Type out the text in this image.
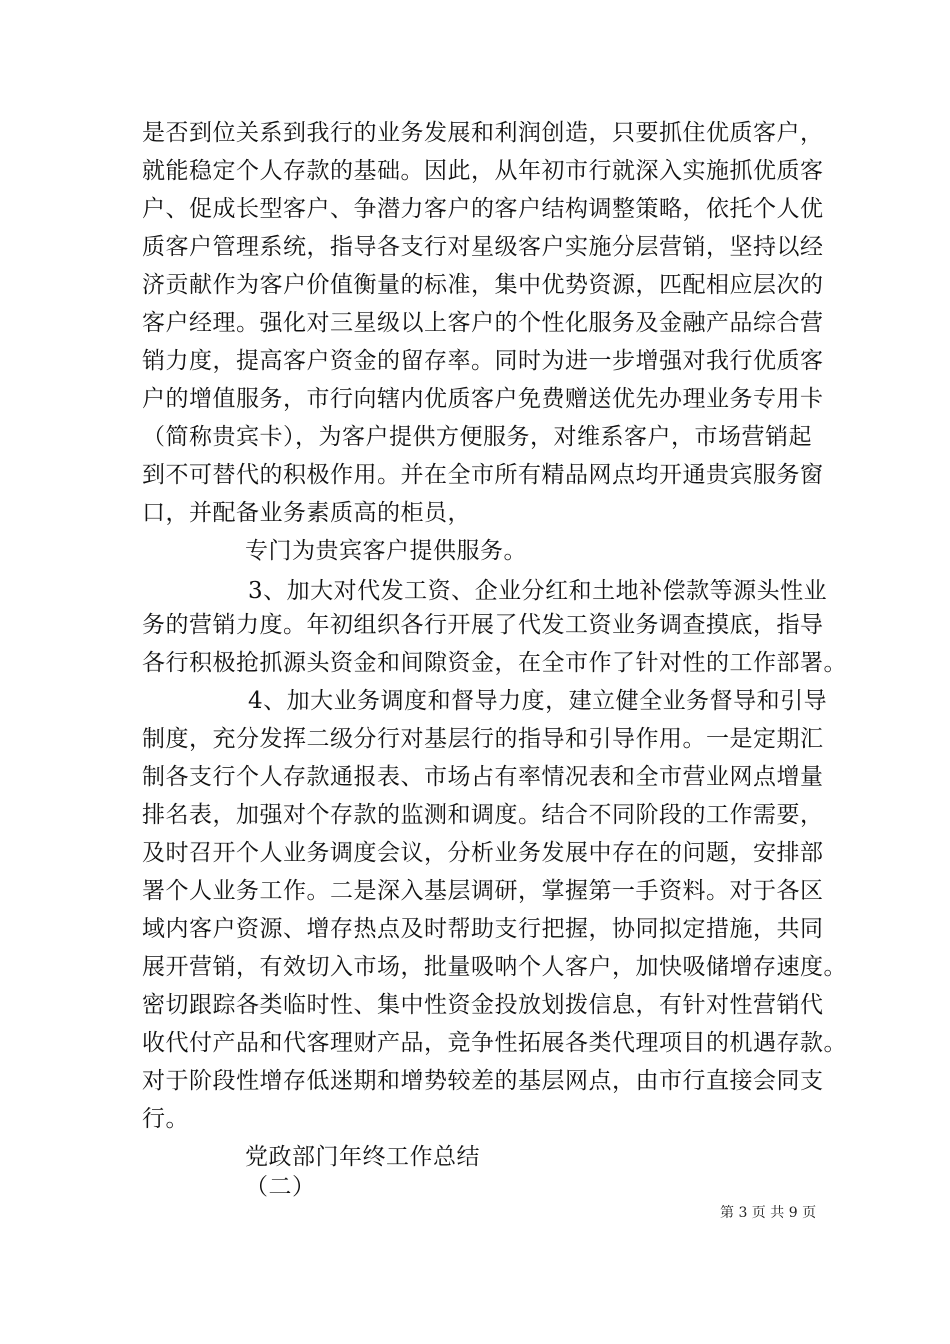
是否到位关系到我行的业务发展和利润创造，只要抓住优质客户，
就能稳定个人存款的基础。因此，从年初市行就深入实施抓优质客
户、促成长型客户、争潜力客户的客户结构调整策略，依托个人优
质客户管理系统，指导各支行对星级客户实施分层营销，坚持以经
济贡献作为客户价值衡量的标准，集中优势资源，匹配相应层次的
客户经理。强化对三星级以上客户的个性化服务及金融产品综合营
销力度，提高客户资金的留存率。同时为进一步增强对我行优质客
户的增值服务，市行向辖内优质客户免费赠送优先办理业务专用卡
（简称贵宾卡），为客户提供方便服务，对维系客户，市场营销起
到不可替代的积极作用。并在全市所有精品网点均开通贵宾服务窗
口，并配备业务素质高的柜员，
专门为贵宾客户提供服务。
3、加大对代发工资、企业分红和土地补偿款等源头性业
务的营销力度。年初组织各行开展了代发工资业务调查摸底，指导
各行积极抢抓源头资金和间隙资金，在全市作了针对性的工作部署。
4、加大业务调度和督导力度，建立健全业务督导和引导
制度，充分发挥二级分行对基层行的指导和引导作用。一是定期汇
制各支行个人存款通报表、市场占有率情况表和全市营业网点增量
排名表，加强对个存款的监测和调度。结合不同阶段的工作需要，
及时召开个人业务调度会议，分析业务发展中存在的问题，安排部
署个人业务工作。二是深入基层调研，掌握第一手资料。对于各区
域内客户资源、增存热点及时帮助支行把握，协同拟定措施，共同
展开营销，有效切入市场，批量吸呐个人客户，加快吸储增存速度。
密切跟踪各类临时性、集中性资金投放划拨信息，有针对性营销代
收代付产品和代客理财产品，竞争性拓展各类代理项目的机遇存款。
对于阶段性增存低迷期和增势较差的基层网点，由市行直接会同支
行。
党政部门年终工作总结
（二）
第 3 页 共 9 页
